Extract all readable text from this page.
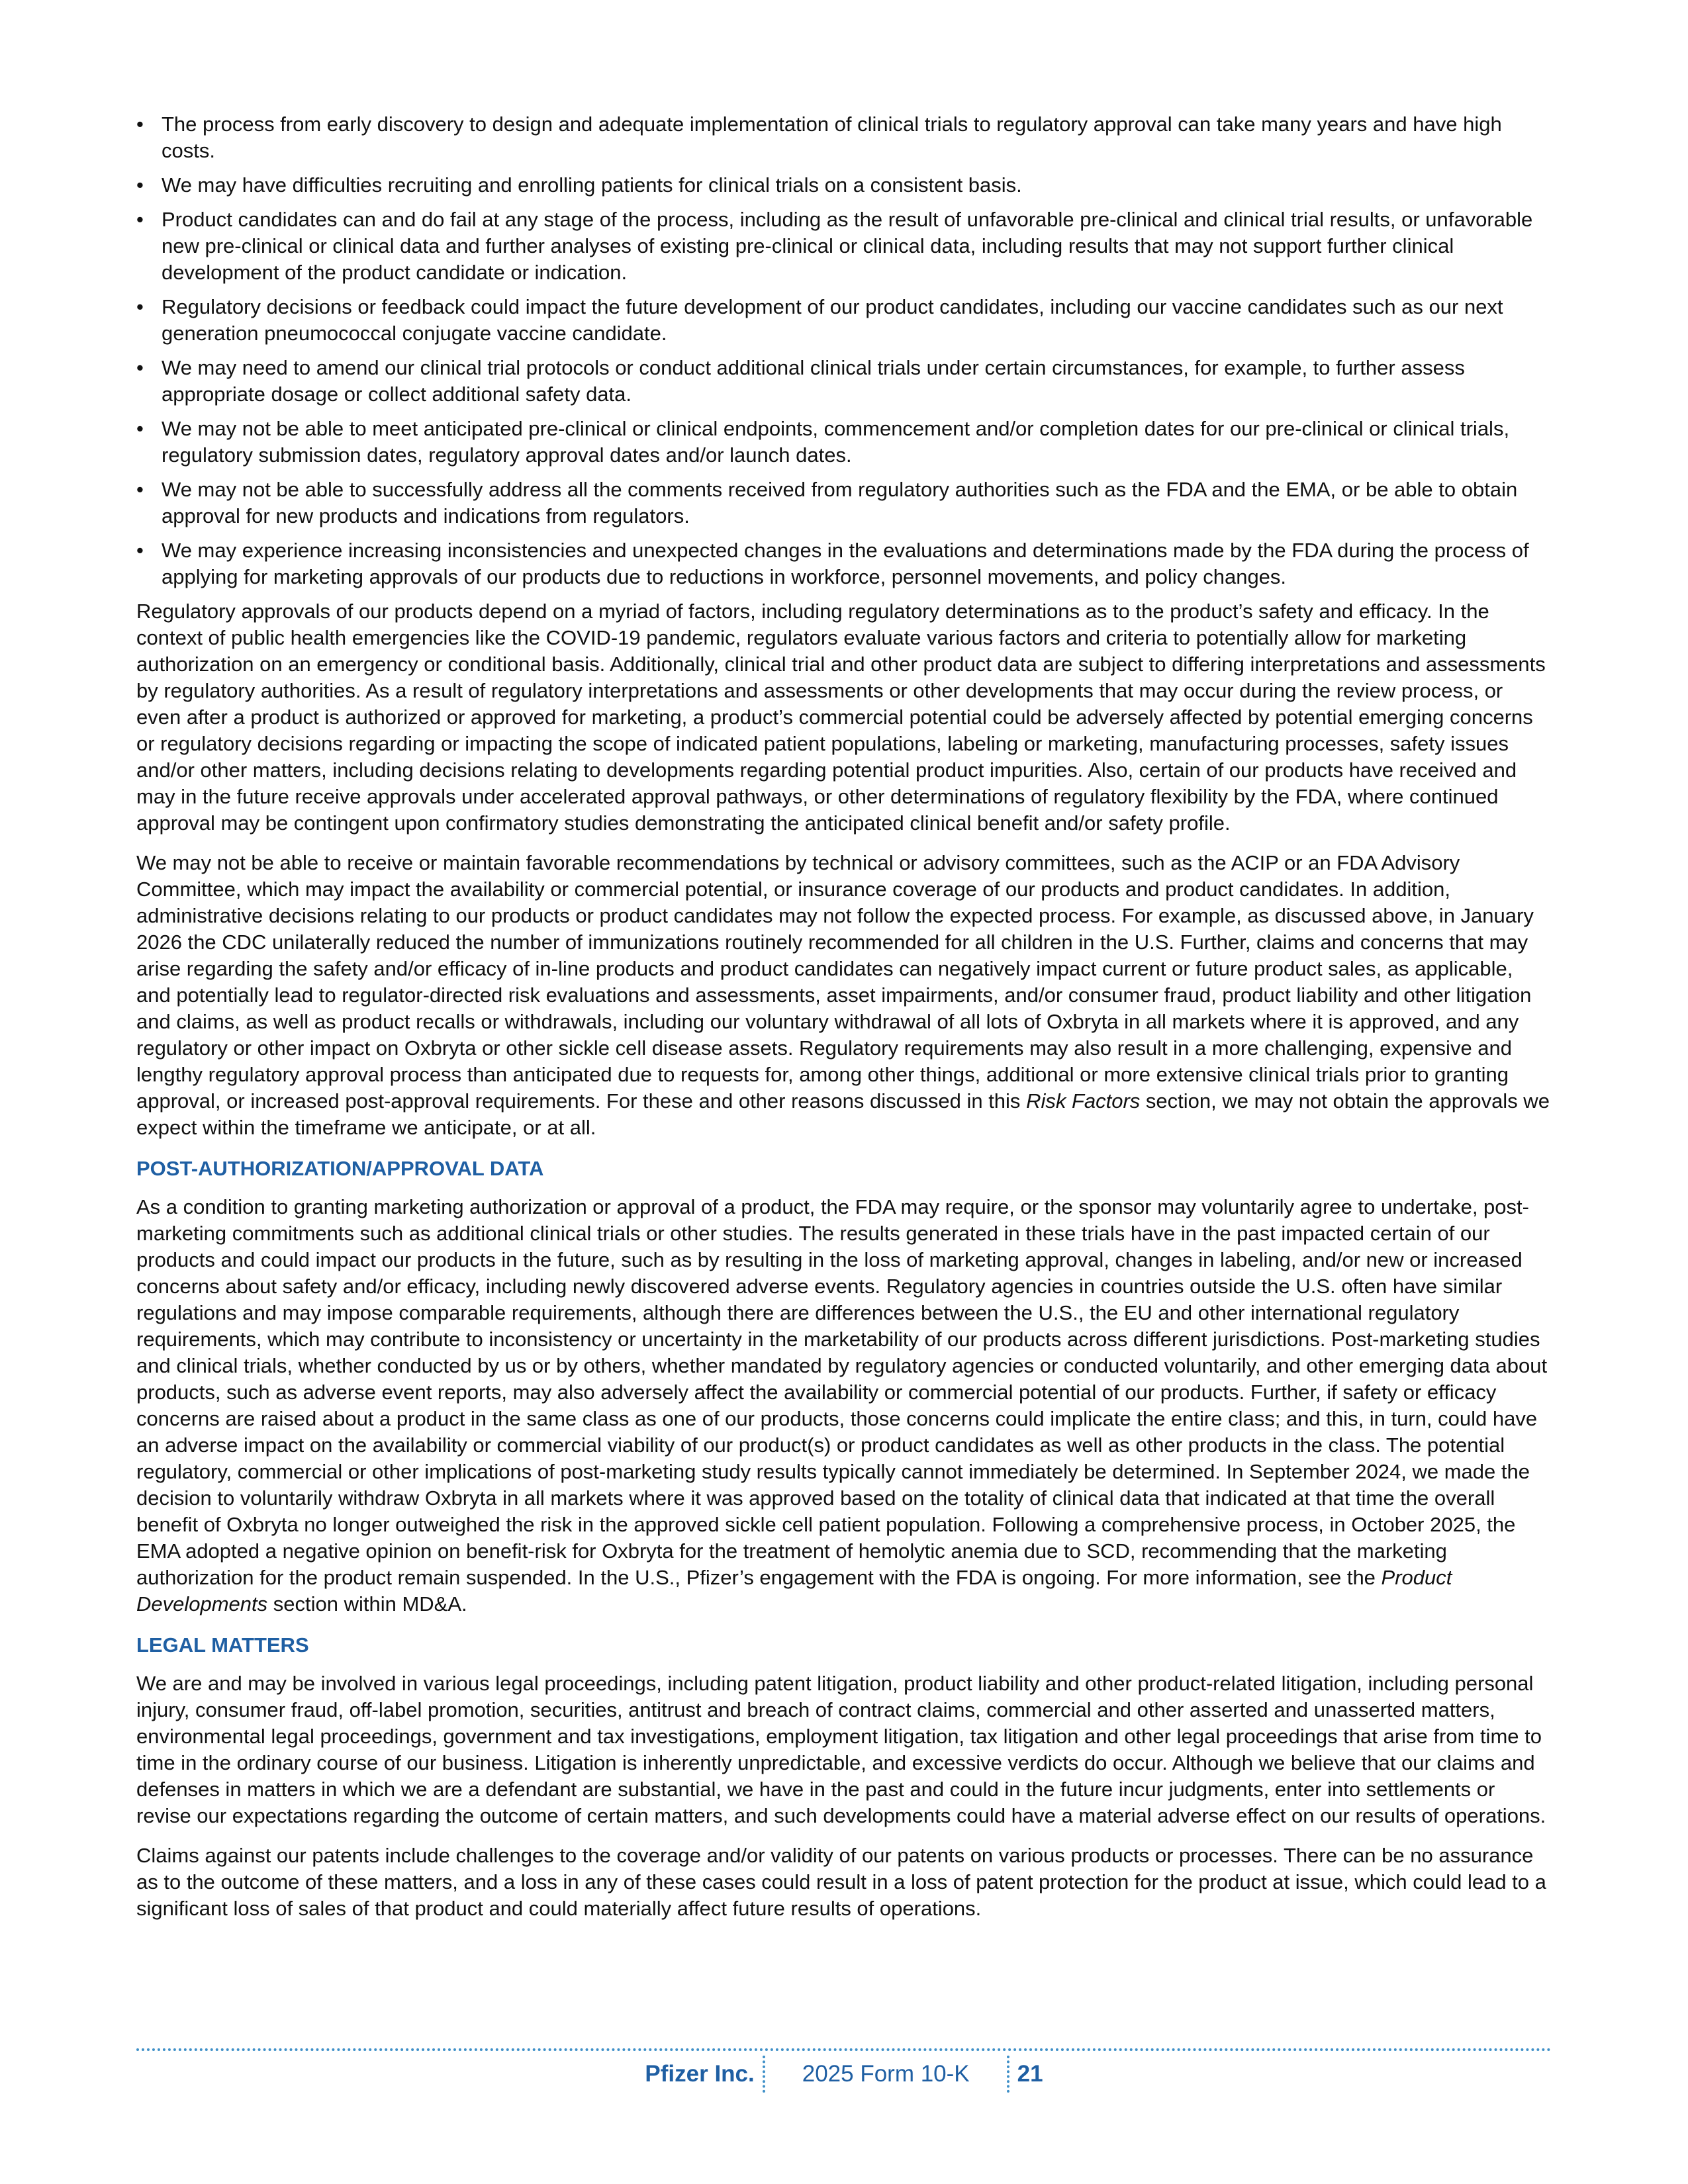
• The process from early discovery to design and adequate implementation of clinical trials to regulatory approval can take many years and have high costs.
• We may have difficulties recruiting and enrolling patients for clinical trials on a consistent basis.
• Product candidates can and do fail at any stage of the process, including as the result of unfavorable pre-clinical and clinical trial results, or unfavorable new pre-clinical or clinical data and further analyses of existing pre-clinical or clinical data, including results that may not support further clinical development of the product candidate or indication.
• Regulatory decisions or feedback could impact the future development of our product candidates, including our vaccine candidates such as our next generation pneumococcal conjugate vaccine candidate.
• We may need to amend our clinical trial protocols or conduct additional clinical trials under certain circumstances, for example, to further assess appropriate dosage or collect additional safety data.
• We may not be able to meet anticipated pre-clinical or clinical endpoints, commencement and/or completion dates for our pre-clinical or clinical trials, regulatory submission dates, regulatory approval dates and/or launch dates.
• We may not be able to successfully address all the comments received from regulatory authorities such as the FDA and the EMA, or be able to obtain approval for new products and indications from regulators.
• We may experience increasing inconsistencies and unexpected changes in the evaluations and determinations made by the FDA during the process of applying for marketing approvals of our products due to reductions in workforce, personnel movements, and policy changes.

Regulatory approvals of our products depend on a myriad of factors, including regulatory determinations as to the product’s safety and efficacy. In the context of public health emergencies like the COVID-19 pandemic, regulators evaluate various factors and criteria to potentially allow for marketing authorization on an emergency or conditional basis. Additionally, clinical trial and other product data are subject to differing interpretations and assessments by regulatory authorities. As a result of regulatory interpretations and assessments or other developments that may occur during the review process, or even after a product is authorized or approved for marketing, a product’s commercial potential could be adversely affected by potential emerging concerns or regulatory decisions regarding or impacting the scope of indicated patient populations, labeling or marketing, manufacturing processes, safety issues and/or other matters, including decisions relating to developments regarding potential product impurities. Also, certain of our products have received and may in the future receive approvals under accelerated approval pathways, or other determinations of regulatory flexibility by the FDA, where continued approval may be contingent upon confirmatory studies demonstrating the anticipated clinical benefit and/or safety profile.

We may not be able to receive or maintain favorable recommendations by technical or advisory committees, such as the ACIP or an FDA Advisory Committee, which may impact the availability or commercial potential, or insurance coverage of our products and product candidates. In addition, administrative decisions relating to our products or product candidates may not follow the expected process. For example, as discussed above, in January 2026 the CDC unilaterally reduced the number of immunizations routinely recommended for all children in the U.S. Further, claims and concerns that may arise regarding the safety and/or efficacy of in-line products and product candidates can negatively impact current or future product sales, as applicable, and potentially lead to regulator-directed risk evaluations and assessments, asset impairments, and/or consumer fraud, product liability and other litigation and claims, as well as product recalls or withdrawals, including our voluntary withdrawal of all lots of Oxbryta in all markets where it is approved, and any regulatory or other impact on Oxbryta or other sickle cell disease assets. Regulatory requirements may also result in a more challenging, expensive and lengthy regulatory approval process than anticipated due to requests for, among other things, additional or more extensive clinical trials prior to granting approval, or increased post-approval requirements. For these and other reasons discussed in this Risk Factors section, we may not obtain the approvals we expect within the timeframe we anticipate, or at all.

POST-AUTHORIZATION/APPROVAL DATA

As a condition to granting marketing authorization or approval of a product, the FDA may require, or the sponsor may voluntarily agree to undertake, post-marketing commitments such as additional clinical trials or other studies. The results generated in these trials have in the past impacted certain of our products and could impact our products in the future, such as by resulting in the loss of marketing approval, changes in labeling, and/or new or increased concerns about safety and/or efficacy, including newly discovered adverse events. Regulatory agencies in countries outside the U.S. often have similar regulations and may impose comparable requirements, although there are differences between the U.S., the EU and other international regulatory requirements, which may contribute to inconsistency or uncertainty in the marketability of our products across different jurisdictions. Post-marketing studies and clinical trials, whether conducted by us or by others, whether mandated by regulatory agencies or conducted voluntarily, and other emerging data about products, such as adverse event reports, may also adversely affect the availability or commercial potential of our products. Further, if safety or efficacy concerns are raised about a product in the same class as one of our products, those concerns could implicate the entire class; and this, in turn, could have an adverse impact on the availability or commercial viability of our product(s) or product candidates as well as other products in the class. The potential regulatory, commercial or other implications of post-marketing study results typically cannot immediately be determined. In September 2024, we made the decision to voluntarily withdraw Oxbryta in all markets where it was approved based on the totality of clinical data that indicated at that time the overall benefit of Oxbryta no longer outweighed the risk in the approved sickle cell patient population. Following a comprehensive process, in October 2025, the EMA adopted a negative opinion on benefit-risk for Oxbryta for the treatment of hemolytic anemia due to SCD, recommending that the marketing authorization for the product remain suspended. In the U.S., Pfizer’s engagement with the FDA is ongoing. For more information, see the Product Developments section within MD&A.

LEGAL MATTERS

We are and may be involved in various legal proceedings, including patent litigation, product liability and other product-related litigation, including personal injury, consumer fraud, off-label promotion, securities, antitrust and breach of contract claims, commercial and other asserted and unasserted matters, environmental legal proceedings, government and tax investigations, employment litigation, tax litigation and other legal proceedings that arise from time to time in the ordinary course of our business. Litigation is inherently unpredictable, and excessive verdicts do occur. Although we believe that our claims and defenses in matters in which we are a defendant are substantial, we have in the past and could in the future incur judgments, enter into settlements or revise our expectations regarding the outcome of certain matters, and such developments could have a material adverse effect on our results of operations.

Claims against our patents include challenges to the coverage and/or validity of our patents on various products or processes. There can be no assurance as to the outcome of these matters, and a loss in any of these cases could result in a loss of patent protection for the product at issue, which could lead to a significant loss of sales of that product and could materially affect future results of operations.

Pfizer Inc.	2025 Form 10-K	21
